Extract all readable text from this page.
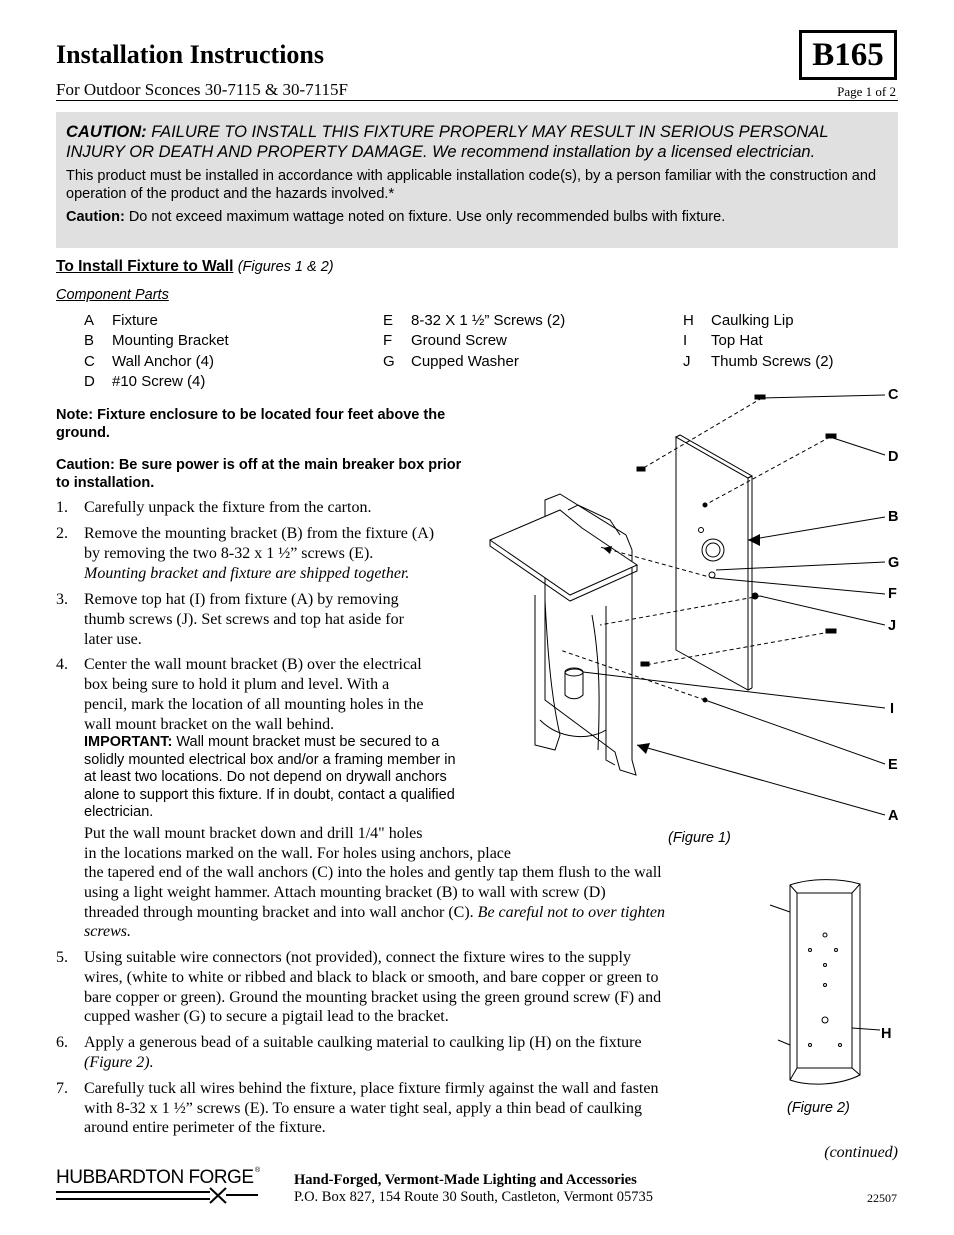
Installation Instructions
For Outdoor Sconces 30-7115 & 30-7115F
B165
Page 1 of 2
CAUTION: FAILURE TO INSTALL THIS FIXTURE PROPERLY MAY RESULT IN SERIOUS PERSONAL INJURY OR DEATH AND PROPERTY DAMAGE. We recommend installation by a licensed electrician.
This product must be installed in accordance with applicable installation code(s), by a person familiar with the construction and operation of the product and the hazards involved.*
Caution: Do not exceed maximum wattage noted on fixture. Use only recommended bulbs with fixture.
To Install Fixture to Wall (Figures 1 & 2)
Component Parts
A Fixture
B Mounting Bracket
C Wall Anchor (4)
D #10 Screw (4)
E 8-32 X 1 ½” Screws (2)
F Ground Screw
G Cupped Washer
H Caulking Lip
I Top Hat
J Thumb Screws (2)
Note: Fixture enclosure to be located four feet above the ground.
Caution: Be sure power is off at the main breaker box prior to installation.
1. Carefully unpack the fixture from the carton.
2. Remove the mounting bracket (B) from the fixture (A)
by removing the two 8-32 x 1 ½” screws (E).
Mounting bracket and fixture are shipped together.
3. Remove top hat (I) from fixture (A) by removing
thumb screws (J). Set screws and top hat aside for
later use.
4. Center the wall mount bracket (B) over the electrical
box being sure to hold it plum and level. With a
pencil, mark the location of all mounting holes in the
wall mount bracket on the wall behind.
Put the wall mount bracket down and drill 1/4" holes
in the locations marked on the wall. For holes using anchors, place
the tapered end of the wall anchors (C) into the holes and gently tap them flush to the wall
using a light weight hammer. Attach mounting bracket (B) to wall with screw (D)
threaded through mounting bracket and into wall anchor (C). Be careful not to over tighten
screws.
IMPORTANT: Wall mount bracket must be secured to a solidly mounted electrical box and/or a framing member in at least two locations. Do not depend on drywall anchors alone to support this fixture. If in doubt, contact a qualified electrician.
5. Using suitable wire connectors (not provided), connect the fixture wires to the supply
wires, (white to white or ribbed and black to black or smooth, and bare copper or green to
bare copper or green). Ground the mounting bracket using the green ground screw (F) and
cupped washer (G) to secure a pigtail lead to the bracket.
6. Apply a generous bead of a suitable caulking material to caulking lip (H) on the fixture
(Figure 2).
7. Carefully tuck all wires behind the fixture, place fixture firmly against the wall and fasten
with 8-32 x 1 ½” screws (E). To ensure a water tight seal, apply a thin bead of caulking
around entire perimeter of the fixture.
C
D
B
G
F
J
I
E
A
(Figure 1)
H
(Figure 2)
(continued)
HUBBARDTON FORGE ®
Hand-Forged, Vermont-Made Lighting and Accessories
P.O. Box 827, 154 Route 30 South, Castleton, Vermont 05735	22507
